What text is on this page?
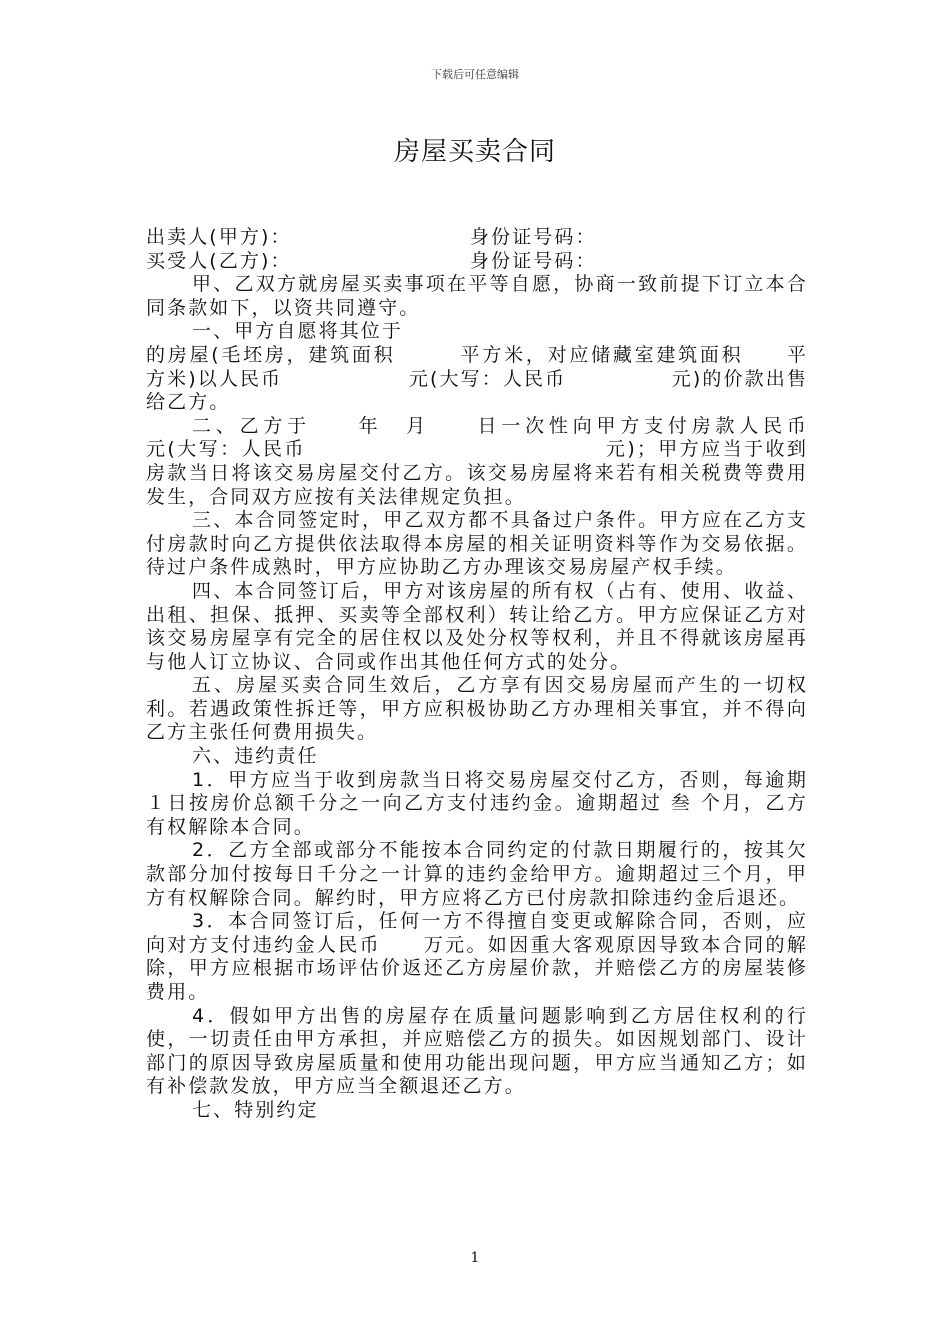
下载后可任意编辑
房屋买卖合同

出卖人(甲方)：	身份证号码：

买受人(乙方)：	身份证号码：

甲、乙双方就房屋买卖事项在平等自愿，协商一致前提下订立本合同条款如下，以资共同遵守。

一、甲方自愿将其位于

的房屋(毛坯房，建筑面积　　　平方米，对应储藏室建筑面积　　平方米)以人民币　　　　　　元(大写：人民币　　　　　元)的价款出售给乙方。

二、乙方于　　年　月　　日一次性向甲方支付房款人民币　　　　元(大写：人民币　　　　　　　　　　　　　　元)；甲方应当于收到房款当日将该交易房屋交付乙方。该交易房屋将来若有相关税费等费用发生，合同双方应按有关法律规定负担。

三、本合同签定时，甲乙双方都不具备过户条件。甲方应在乙方支付房款时向乙方提供依法取得本房屋的相关证明资料等作为交易依据。待过户条件成熟时，甲方应协助乙方办理该交易房屋产权手续。

四、本合同签订后，甲方对该房屋的所有权（占有、使用、收益、出租、担保、抵押、买卖等全部权利）转让给乙方。甲方应保证乙方对该交易房屋享有完全的居住权以及处分权等权利，并且不得就该房屋再与他人订立协议、合同或作出其他任何方式的处分。

五、房屋买卖合同生效后，乙方享有因交易房屋而产生的一切权利。若遇政策性拆迁等，甲方应积极协助乙方办理相关事宜，并不得向乙方主张任何费用损失。

六、违约责任

1．甲方应当于收到房款当日将交易房屋交付乙方，否则，每逾期１日按房价总额千分之一向乙方支付违约金。逾期超过 叁 个月，乙方有权解除本合同。

2．乙方全部或部分不能按本合同约定的付款日期履行的，按其欠款部分加付按每日千分之一计算的违约金给甲方。逾期超过三个月，甲方有权解除合同。解约时，甲方应将乙方已付房款扣除违约金后退还。

3．本合同签订后，任何一方不得擅自变更或解除合同，否则，应向对方支付违约金人民币　　万元。如因重大客观原因导致本合同的解除，甲方应根据市场评估价返还乙方房屋价款，并赔偿乙方的房屋装修费用。

4．假如甲方出售的房屋存在质量问题影响到乙方居住权利的行使，一切责任由甲方承担，并应赔偿乙方的损失。如因规划部门、设计部门的原因导致房屋质量和使用功能出现问题，甲方应当通知乙方；如有补偿款发放，甲方应当全额退还乙方。

七、特别约定

1
